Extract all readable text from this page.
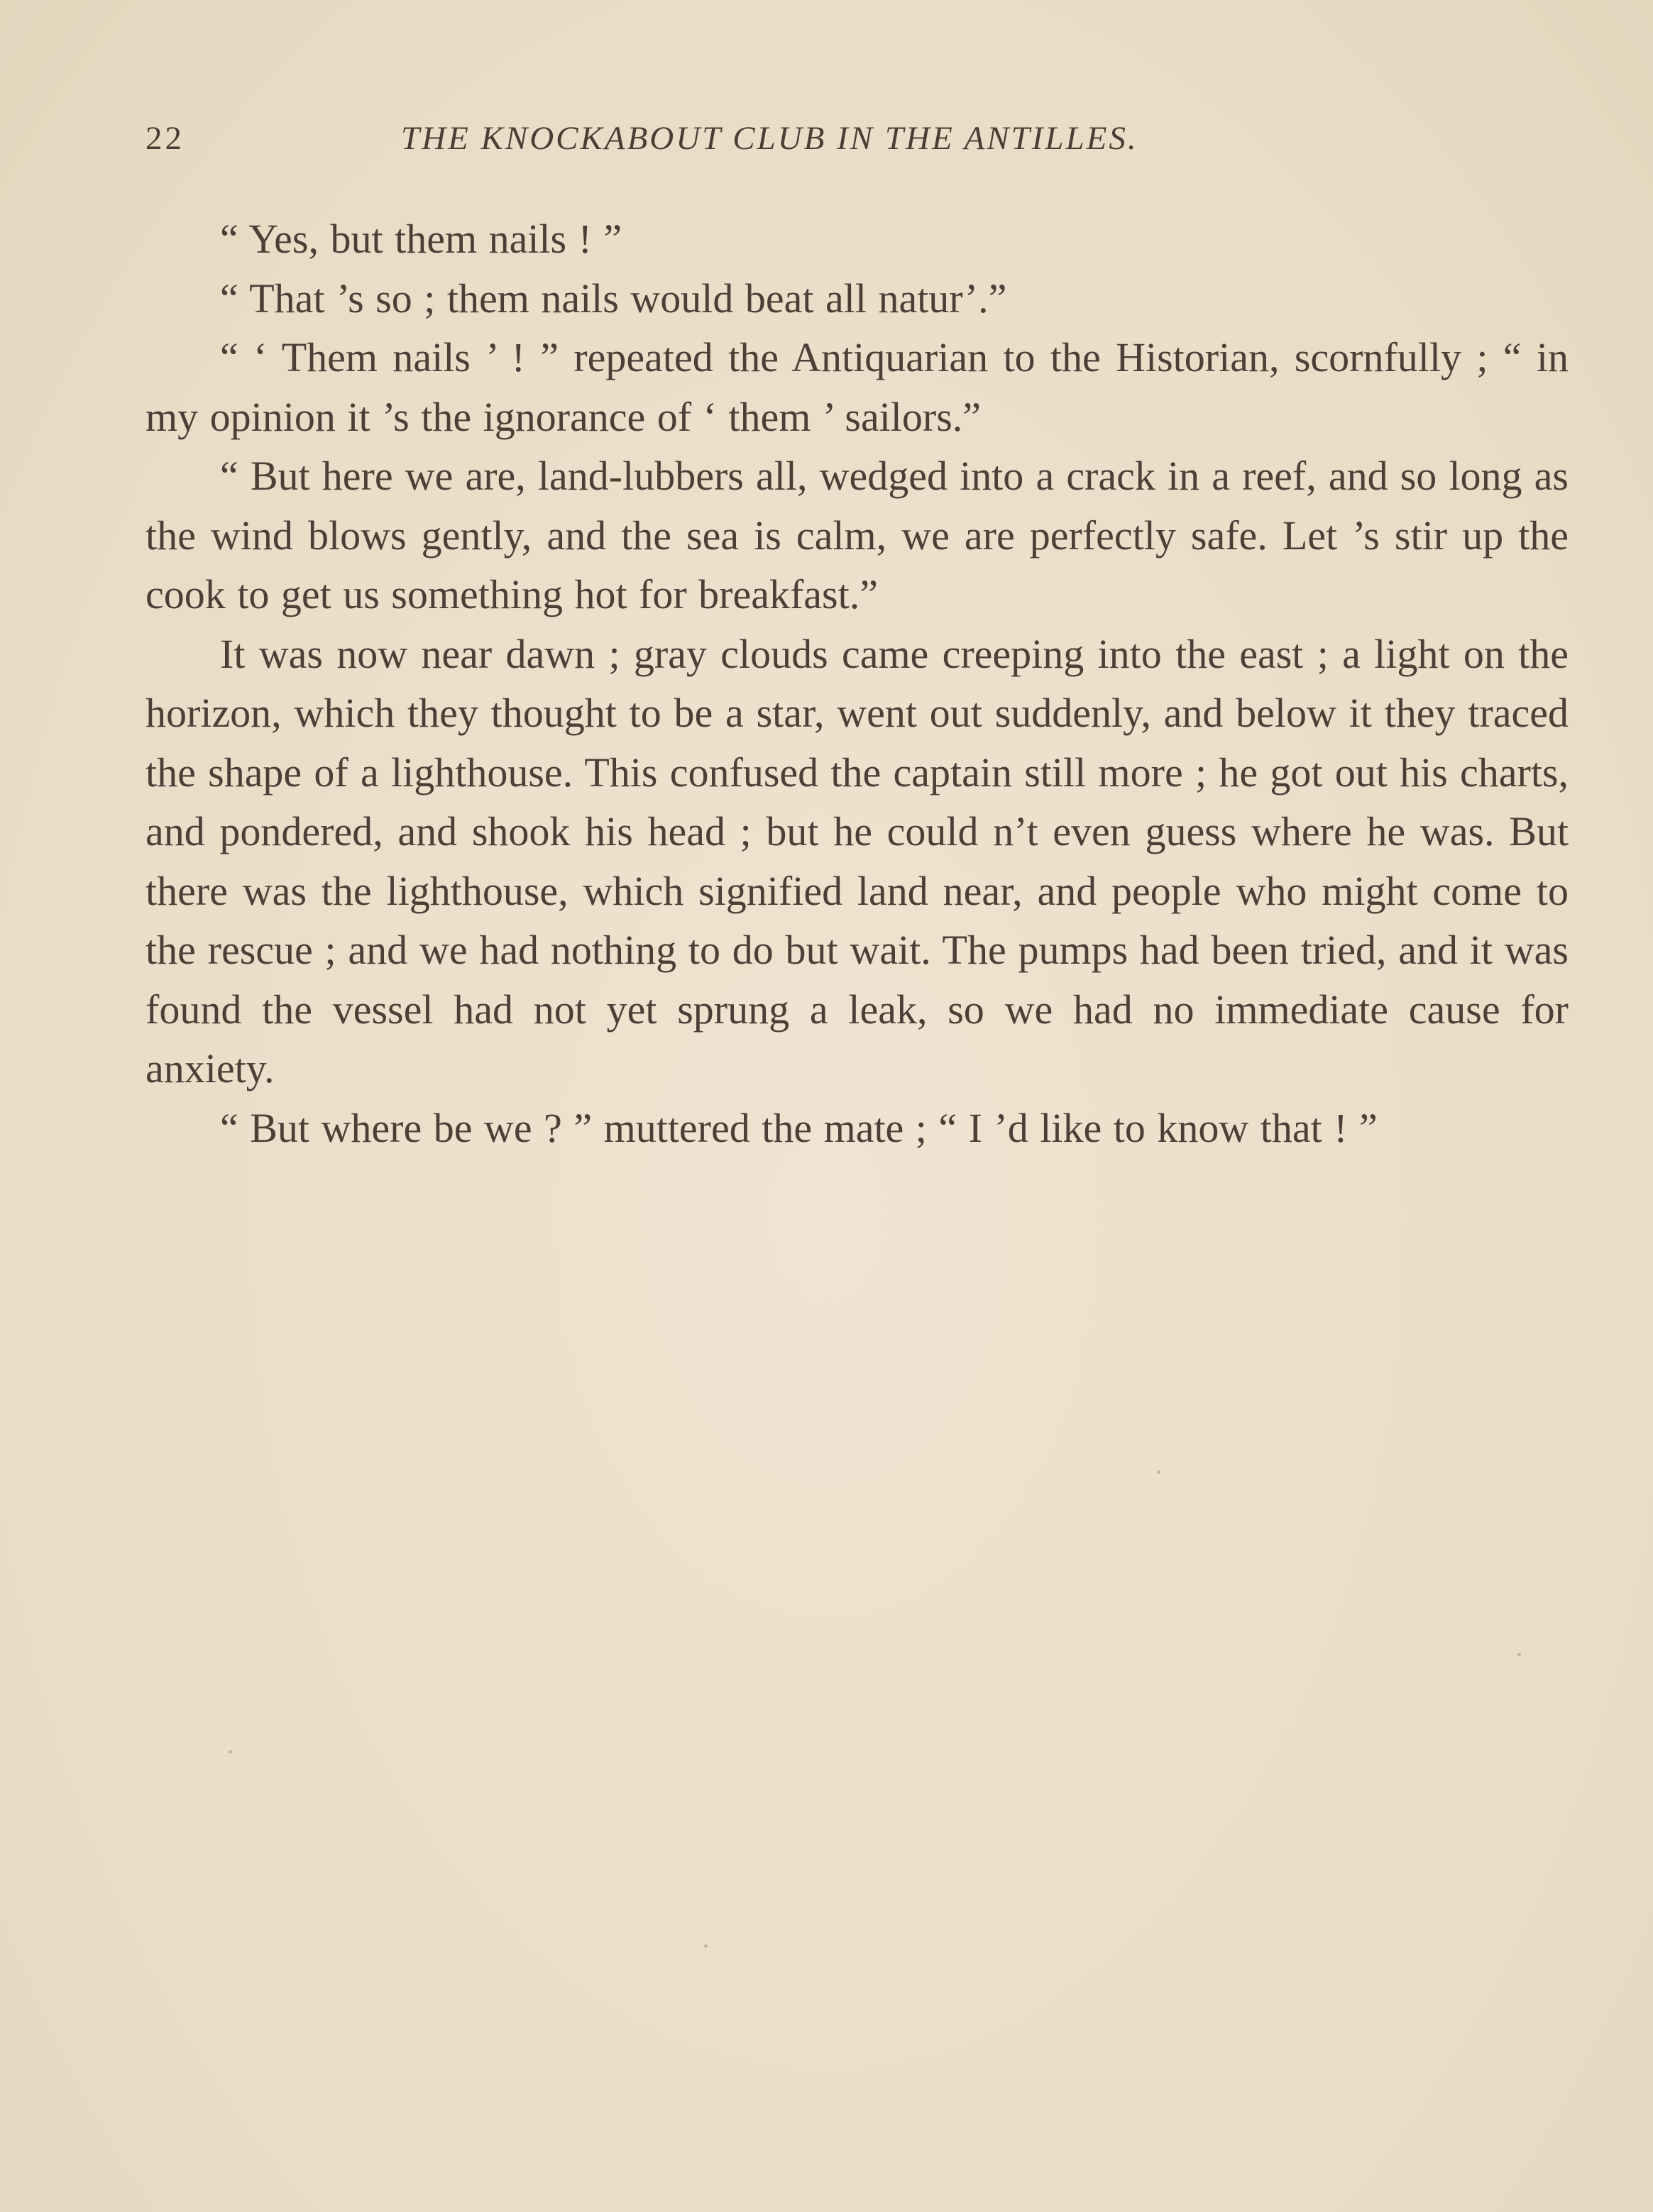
22	THE KNOCKABOUT CLUB IN THE ANTILLES.

“ Yes, but them nails ! ”

“ That ’s so ; them nails would beat all natur’.”

“ ‘ Them nails ’ ! ” repeated the Antiquarian to the Historian, scornfully ; “ in my opinion it ’s the ignorance of ‘ them ’ sailors.”

“ But here we are, land-lubbers all, wedged into a crack in a reef, and so long as the wind blows gently, and the sea is calm, we are perfectly safe. Let ’s stir up the cook to get us something hot for breakfast.”

It was now near dawn ; gray clouds came creeping into the east ; a light on the horizon, which they thought to be a star, went out suddenly, and below it they traced the shape of a lighthouse. This confused the captain still more ; he got out his charts, and pondered, and shook his head ; but he could n’t even guess where he was. But there was the lighthouse, which signified land near, and people who might come to the rescue ; and we had nothing to do but wait. The pumps had been tried, and it was found the vessel had not yet sprung a leak, so we had no immediate cause for anxiety.

“ But where be we ? ” muttered the mate ; “ I ’d like to know that ! ”
